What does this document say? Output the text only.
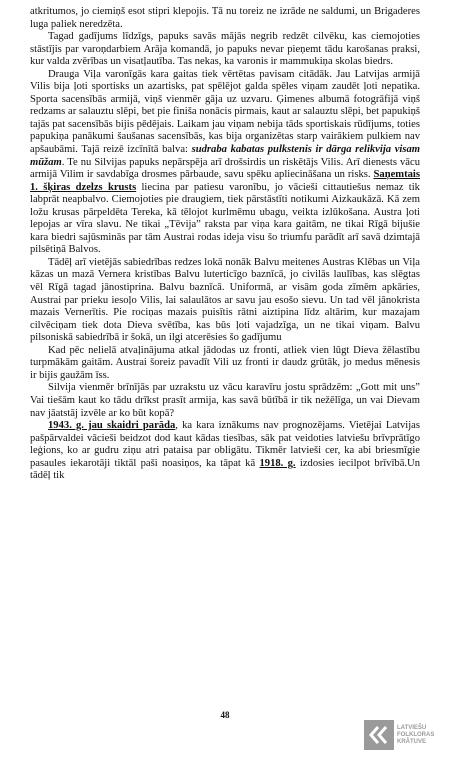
atkritumos, jo ciemiņš esot stipri klepojis. Tā nu toreiz ne izrāde ne saldumi, un Brigaderes luga paliek neredzēta.

Tagad gadījums līdzīgs, papuks savās mājās negrib redzēt cilvēku, kas ciemojoties stāstījis par varoņdarbiem Arāja komandā, jo papuks nevar pieņemt tādu karošanas praksi, kur valda zvērības un visatļautība. Tas nekas, ka varonis ir mammukiņa skolas biedrs.

Drauga Viļa varonīgās kara gaitas tiek vērtētas pavisam citādāk. Jau Latvijas armijā Vilis bija ļoti sportisks un azartisks, pat spēlējot galda spēles viņam zaudēt ļoti nepatika. Sporta sacensībās armijā, viņš vienmēr gāja uz uzvaru. Ģimenes albumā fotogrāfijā viņš redzams ar salauztu slēpi, bet pie finiša nonācis pirmais, kaut ar salauztu slēpi, bet papukiņš tajās pat sacensībās bijis pēdējais. Laikam jau viņam nebija tāds sportiskais rūdījums, toties papukiņa panākumi šaušanas sacensībās, kas bija organizētas starp vairākiem pulkiem nav apšaubāmi. Tajā reizē izcīnītā balva: sudraba kabatas pulkstenis ir dārga relikvija visam mūžam. Te nu Silvijas papuks nepārspēja arī drošsirdis un riskētājs Vilis. Arī dienests vācu armijā Vilim ir savdabīga drosmes pārbaude, savu spēku apliecināšana un risks. Saņemtais 1. šķiras dzelzs krusts liecina par patiesu varonību, jo vācieši cittautiešus nemaz tik labprāt neapbalvo. Ciemojoties pie draugiem, tiek pārstāstīti notikumi Aizkaukāzā. Kā zem ložu krusas pārpeldēta Tereka, kā tēlojot kurlmēmu ubagu, veikta izlūkošana. Austra ļoti lepojas ar vīra slavu. Ne tikai „Tēvija” raksta par viņa kara gaitām, ne tikai Rīgā bijušie kara biedri sajūsminās par tām Austrai rodas ideja visu šo triumfu parādīt arī savā dzimtajā pilsētiņā Balvos.

Tādēļ arī vietējās sabiedrības redzes lokā nonāk Balvu meitenes Austras Klēbas un Viļa kāzas un mazā Vernera kristības Balvu luterticīgo baznīcā, jo civilās laulības, kas slēgtas vēl Rīgā tagad jānostiprina. Balvu baznīcā. Uniformā, ar visām goda zīmēm apkāries, Austrai par prieku iesoļo Vilis, lai salaulātos ar savu jau esošo sievu. Un tad vēl jānokrista mazais Vernerītis. Pie rociņas mazais puisītis rātni aiztipina līdz altārim, kur mazajam cilvēciņam tiek dota Dieva svētība, kas būs ļoti vajadzīga, un ne tikai viņam. Balvu pilsoniskā sabiedrībā ir šokā, un ilgi atcerēsies šo gadījumu

Kad pēc nelielā atvaļinājuma atkal jādodas uz fronti, atliek vien lūgt Dieva žēlastību turpmākām gaitām. Austrai šoreiz pavadīt Vili uz fronti ir daudz grūtāk, jo medus mēnesis ir bijis gaužām īss.

Silvija vienmēr brīnījās par uzrakstu uz vācu karavīru jostu sprādzēm: „Gott mit uns” Vai tiešām kaut ko tādu drīkst prasīt armija, kas savā būtībā ir tik nežēlīga, un vai Dievam nav jāatstāj izvēle ar ko būt kopā?

1943. g. jau skaidri parāda, ka kara iznākums nav prognozējams. Vietējai Latvijas pašpārvaldei vācieši beidzot dod kaut kādas tiesības, sāk pat veidoties latviešu brīvprātīgo leģions, ko ar gudru ziņu atri pataisa par obligātu. Tikmēr latvieši cer, ka abi briesmīgie pasaules iekarotāji tiktāl paši noasiņos, ka tāpat kā 1918. g. izdosies iecilpot brīvībā.Un tādēļ tik

48
LATVIEŠU
FOLKLORAS
KRĀTUVE
